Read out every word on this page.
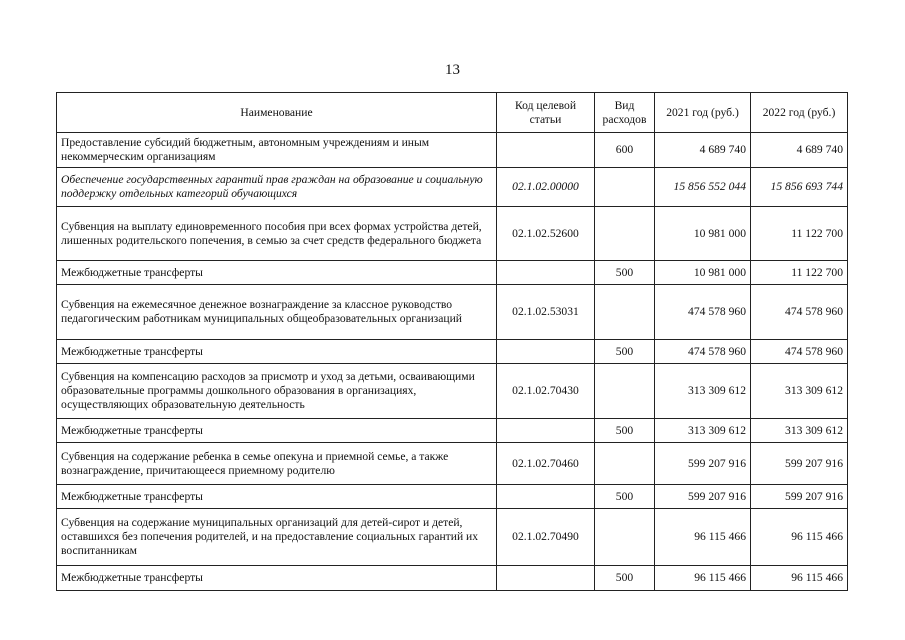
13
Наименование	Код целевой статьи	Вид расходов	2021 год (руб.)	2022 год (руб.)
Предоставление субсидий бюджетным, автономным учреждениям и иным некоммерческим организациям		600	4 689 740	4 689 740
Обеспечение государственных гарантий прав граждан на образование и социальную поддержку отдельных категорий обучающихся	02.1.02.00000		15 856 552 044	15 856 693 744
Субвенция на выплату единовременного пособия при всех формах устройства детей, лишенных родительского попечения, в семью за счет средств федерального бюджета	02.1.02.52600		10 981 000	11 122 700
Межбюджетные трансферты		500	10 981 000	11 122 700
Субвенция на ежемесячное денежное вознаграждение за классное руководство педагогическим работникам муниципальных общеобразовательных организаций	02.1.02.53031		474 578 960	474 578 960
Межбюджетные трансферты		500	474 578 960	474 578 960
Субвенция на компенсацию расходов за присмотр и уход за детьми, осваивающими образовательные программы дошкольного образования в организациях, осуществляющих образовательную деятельность	02.1.02.70430		313 309 612	313 309 612
Межбюджетные трансферты		500	313 309 612	313 309 612
Субвенция на содержание ребенка в семье опекуна и приемной семье, а также вознаграждение, причитающееся приемному родителю	02.1.02.70460		599 207 916	599 207 916
Межбюджетные трансферты		500	599 207 916	599 207 916
Субвенция на содержание муниципальных организаций для детей-сирот и детей, оставшихся без попечения родителей, и на предоставление социальных гарантий их воспитанникам	02.1.02.70490		96 115 466	96 115 466
Межбюджетные трансферты		500	96 115 466	96 115 466
